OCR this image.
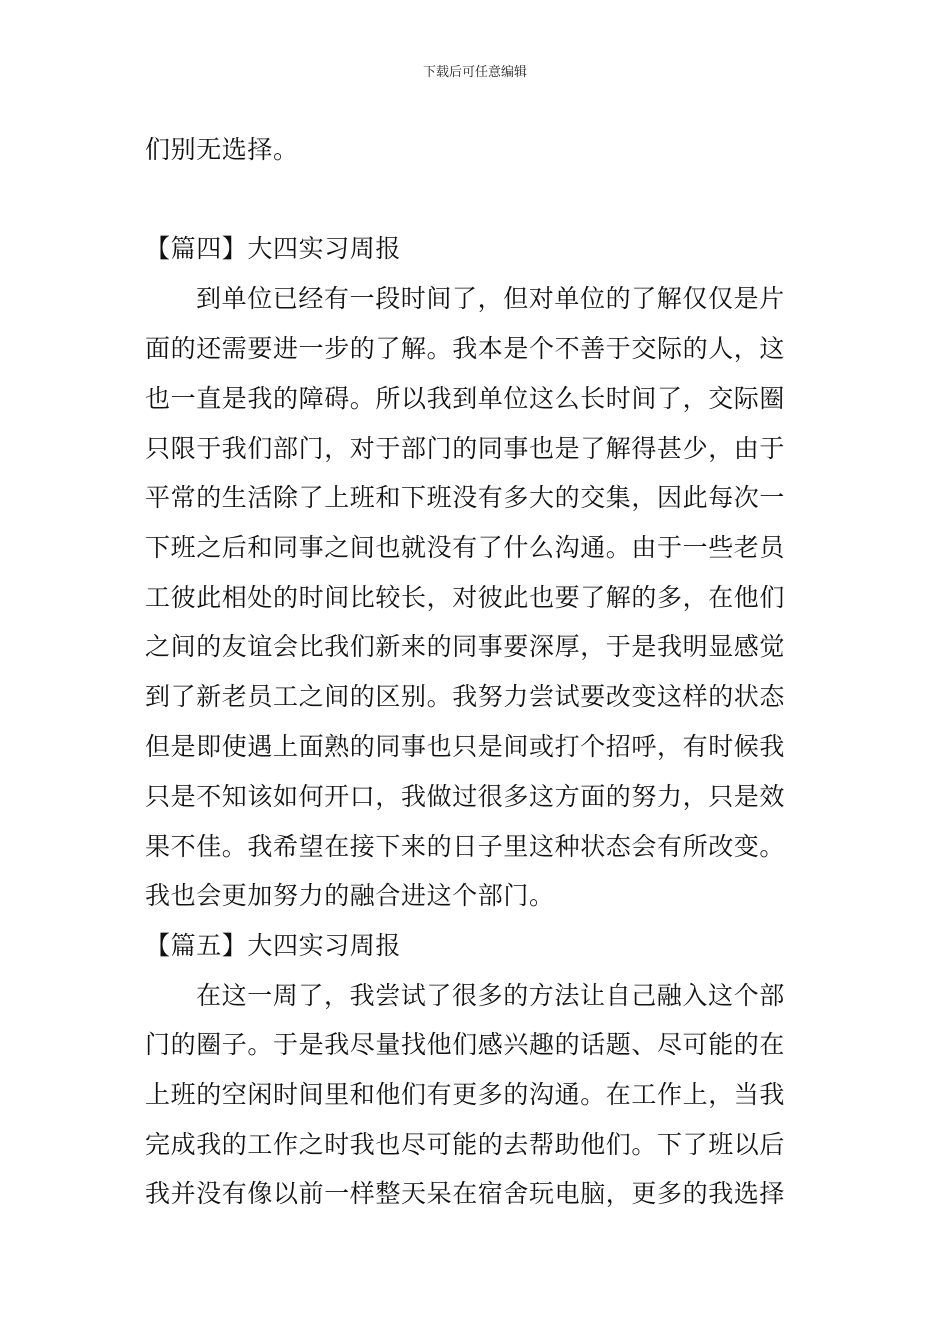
下载后可任意编辑
们别无选择。
【篇四】大四实习周报
到单位已经有一段时间了，但对单位的了解仅仅是片
面的还需要进一步的了解。我本是个不善于交际的人，这
也一直是我的障碍。所以我到单位这么长时间了，交际圈
只限于我们部门，对于部门的同事也是了解得甚少，由于
平常的生活除了上班和下班没有多大的交集，因此每次一
下班之后和同事之间也就没有了什么沟通。由于一些老员
工彼此相处的时间比较长，对彼此也要了解的多，在他们
之间的友谊会比我们新来的同事要深厚，于是我明显感觉
到了新老员工之间的区别。我努力尝试要改变这样的状态
但是即使遇上面熟的同事也只是间或打个招呼，有时候我
只是不知该如何开口，我做过很多这方面的努力，只是效
果不佳。我希望在接下来的日子里这种状态会有所改变。
我也会更加努力的融合进这个部门。
【篇五】大四实习周报
在这一周了，我尝试了很多的方法让自己融入这个部
门的圈子。于是我尽量找他们感兴趣的话题、尽可能的在
上班的空闲时间里和他们有更多的沟通。在工作上，当我
完成我的工作之时我也尽可能的去帮助他们。下了班以后
我并没有像以前一样整天呆在宿舍玩电脑，更多的我选择
